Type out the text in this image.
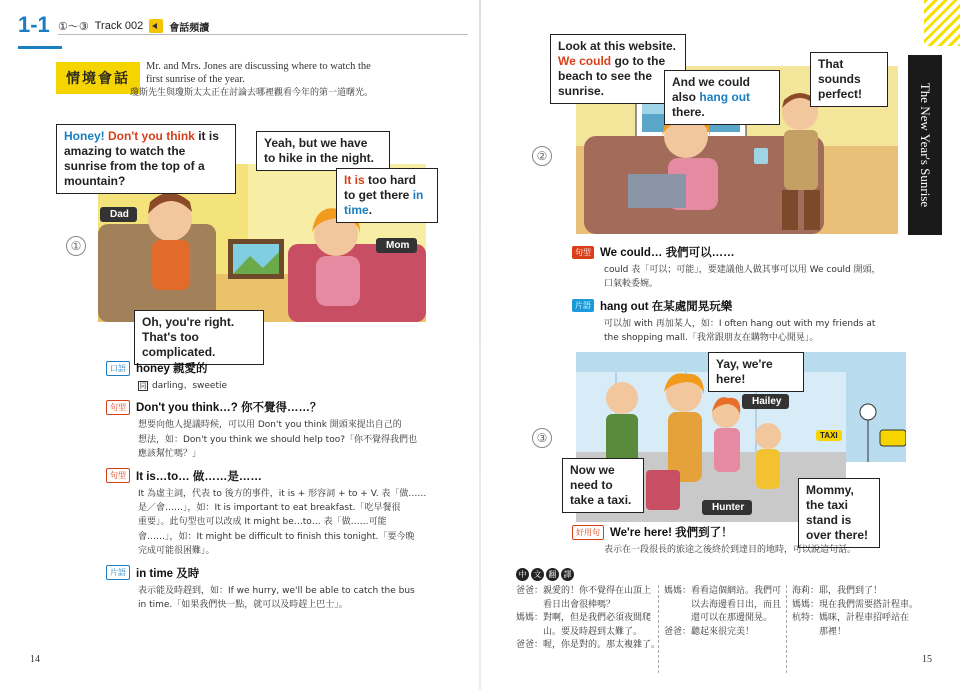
1-1 ①～③ Track 002	會話頻讀
情境會話
Mr. and Mrs. Jones are discussing where to watch the first sunrise of the year.
瓊斯先生與瓊斯太太正在討論去哪裡觀看今年的第一道曙光。
Dad
Mom
①
Honey! Don't you think it is amazing to watch the sunrise from the top of a mountain?
Yeah, but we have to hike in the night.
It is too hard to get there in time.
Oh, you're right. That's too complicated.
口語 honey 親愛的
同 darling、sweetie
句型 Don't you think…? 你不覺得……？
想要向他人提議時候，可以用 Don't you think 開頭來提出自己的
想法，如：Don't you think we should help too?「你不覺得我們也
應該幫忙嗎？」
句型 It is…to… 做……是……
It 為虛主詞，代表 to 後方的事件，it is + 形容詞 + to + V. 表「做……
是／會……」，如：It is important to eat breakfast.「吃早餐很
重要」。此句型也可以改成 It might be…to… 表「做……可能
會……」，如：It might be difficult to finish this tonight.「要今晚
完成可能很困難」。
片語 in time 及時
表示能及時趕到，如：If we hurry, we'll be able to catch the bus
in time.「如果我們快一點，就可以及時趕上巴士」。
14
②
Look at this website. We could go to the beach to see the sunrise.
And we could also hang out there.
That sounds perfect!
句型 We could… 我們可以……
could 表「可以；可能」，要建議他人做其事可以用 We could 開頭，
口氣較委婉。
片語 hang out 在某處閒晃玩樂
可以加 with 再加某人，如：I often hang out with my friends at
the shopping mall.「我常跟朋友在購物中心閒晃」。
③	TAXI
Yay, we're here!
Hailey
Now we need to take a taxi.
Hunter
Mommy, the taxi stand is over there!
好用句 We're here! 我們到了！
表示在一段很長的旅途之後終於到達目的地時，可以說這句話。
15
The New Year's Sunrise
中 文 翻 譯
爸爸：親愛的！你不覺得在山頂上
　　　看日出會很棒嗎？
媽媽：對啊，但是我們必須夜間爬
　　　山。要及時趕到太難了。
爸爸：喔，你是對的。那太複雜了。
媽媽：看看這個網站。我們可
　　　以去海邊看日出，而且
　　　還可以在那邊閒晃。
爸爸：聽起來很完美！
海莉：耶，我們到了！
媽媽：現在我們需要搭計程車。
杭特：媽咪，計程車招呼站在
　　　那裡！
